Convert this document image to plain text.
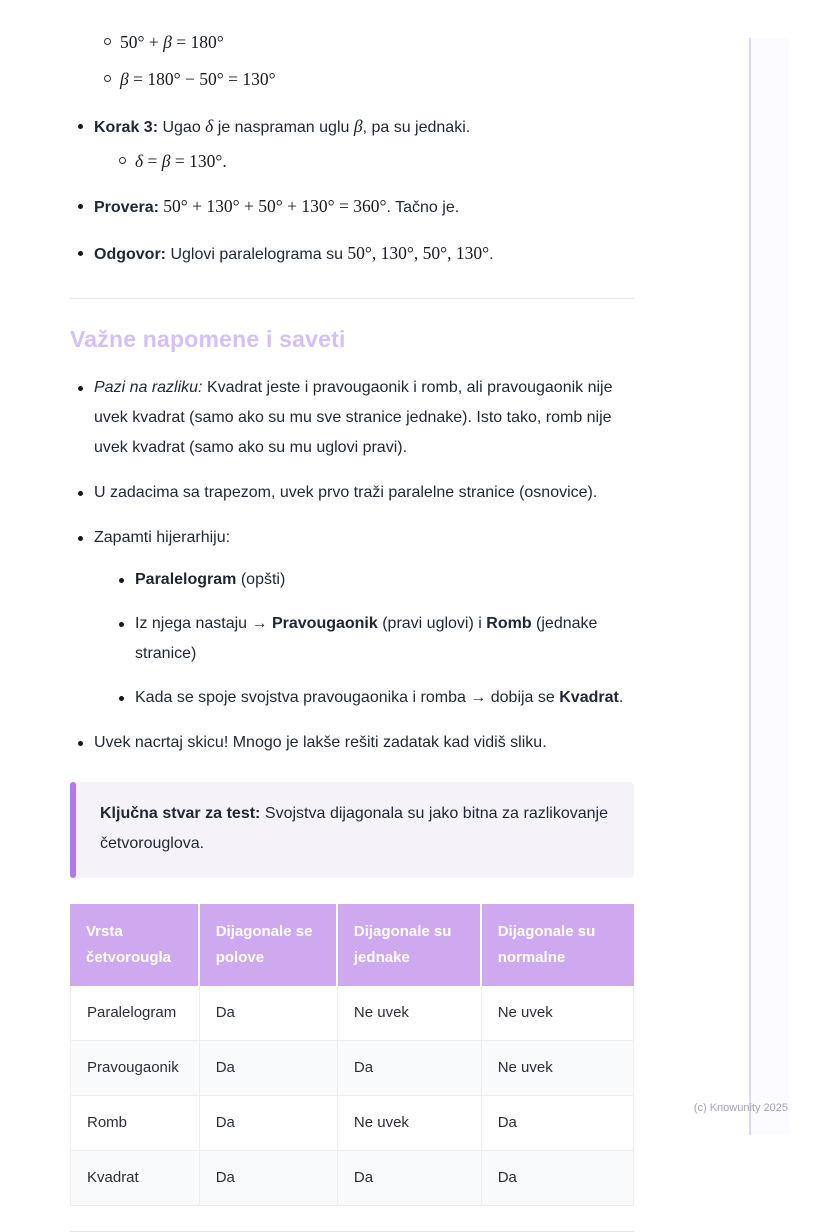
50° + β = 180°
β = 180° − 50° = 130°
Korak 3: Ugao δ je naspraman uglu β, pa su jednaki.
δ = β = 130°.
Provera: 50° + 130° + 50° + 130° = 360°. Tačno je.
Odgovor: Uglovi paralelograma su 50°, 130°, 50°, 130°.
Važne napomene i saveti
Pazi na razliku: Kvadrat jeste i pravougaonik i romb, ali pravougaonik nije uvek kvadrat (samo ako su mu sve stranice jednake). Isto tako, romb nije uvek kvadrat (samo ako su mu uglovi pravi).
U zadacima sa trapezom, uvek prvo traži paralelne stranice (osnovice).
Zapamti hijerarhiju:
Paralelogram (opšti)
Iz njega nastaju → Pravougaonik (pravi uglovi) i Romb (jednake stranice)
Kada se spoje svojstva pravougaonika i romba → dobija se Kvadrat.
Uvek nacrtaj skicu! Mnogo je lakše rešiti zadatak kad vidiš sliku.
Ključna stvar za test: Svojstva dijagonala su jako bitna za razlikovanje četvorouglova.
Vrsta četvorougla	Dijagonale se polove	Dijagonale su jednake	Dijagonale su normalne
Paralelogram	Da	Ne uvek	Ne uvek
Pravougaonik	Da	Da	Ne uvek
Romb	Da	Ne uvek	Da
Kvadrat	Da	Da	Da
(c) Knowunity 2025
